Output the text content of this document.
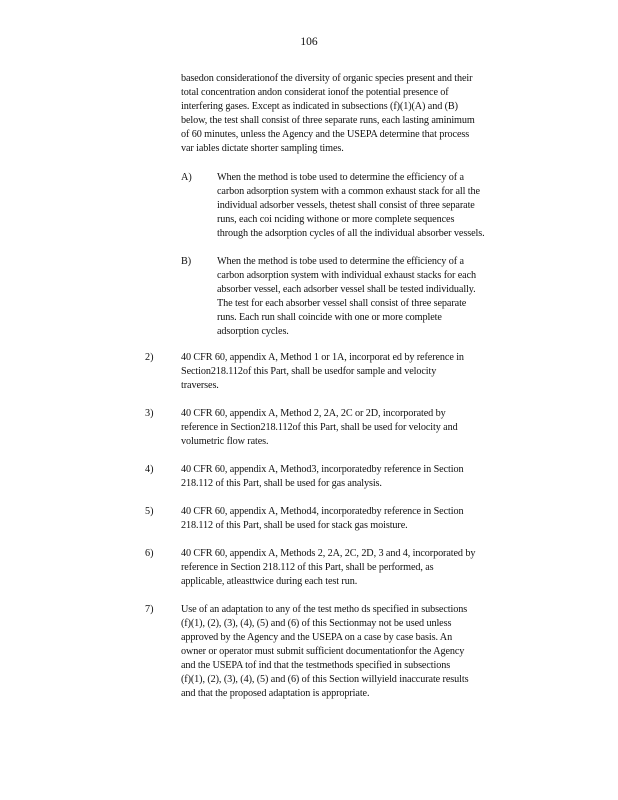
106
basedon considerationof the diversity of organic species present and their
total concentration andon considerat ionof the potential presence of
interfering gases. Except as indicated in subsections (f)(1)(A) and (B)
below, the test shall consist of three separate runs, each lasting aminimum
of 60 minutes, unless the Agency and the USEPA determine that process
var iables dictate shorter sampling times.
A) When the method is tobe used to determine the efficiency of a
carbon adsorption system with a common exhaust stack for all the
individual adsorber vessels, thetest shall consist of three separate
runs, each coi nciding withone or more complete sequences
through the adsorption cycles of all the individual absorber vessels.
B)	When the method is tobe used to determine the efficiency of a
carbon adsorption system with individual exhaust stacks for each
absorber vessel, each adsorber vessel shall be tested individually.
The test for each absorber vessel shall consist of three separate
runs. Each run shall coincide with one or more complete
adsorption cycles.
2)	40 CFR 60, appendix A, Method 1 or 1A, incorporat ed by reference in
Section218.112of this Part, shall be usedfor sample and velocity
traverses.
3)	40 CFR 60, appendix A, Method 2, 2A, 2C or 2D, incorporated by
reference in Section218.112of this Part, shall be used for velocity and
volumetric flow rates.
4)	40 CFR 60, appendix A, Method3, incorporatedby reference in Section
218.112 of this Part, shall be used for gas analysis.
5)	40 CFR 60, appendix A, Method4, incorporatedby reference in Section
218.112 of this Part, shall be used for stack gas moisture.
6)	40 CFR 60, appendix A, Methods 2, 2A, 2C, 2D, 3 and 4, incorporated by
reference in Section 218.112 of this Part, shall be performed, as
applicable, atleasttwice during each test run.
7)	Use of an adaptation to any of the test metho ds specified in subsections
(f)(1), (2), (3), (4), (5) and (6) of this Sectionmay not be used unless
approved by the Agency and the USEPA on a case by case basis. An
owner or operator must submit sufficient documentationfor the Agency
and the USEPA tof ind that the testmethods specified in subsections
(f)(1), (2), (3), (4), (5) and (6) of this Section willyield inaccurate results
and that the proposed adaptation is appropriate.
